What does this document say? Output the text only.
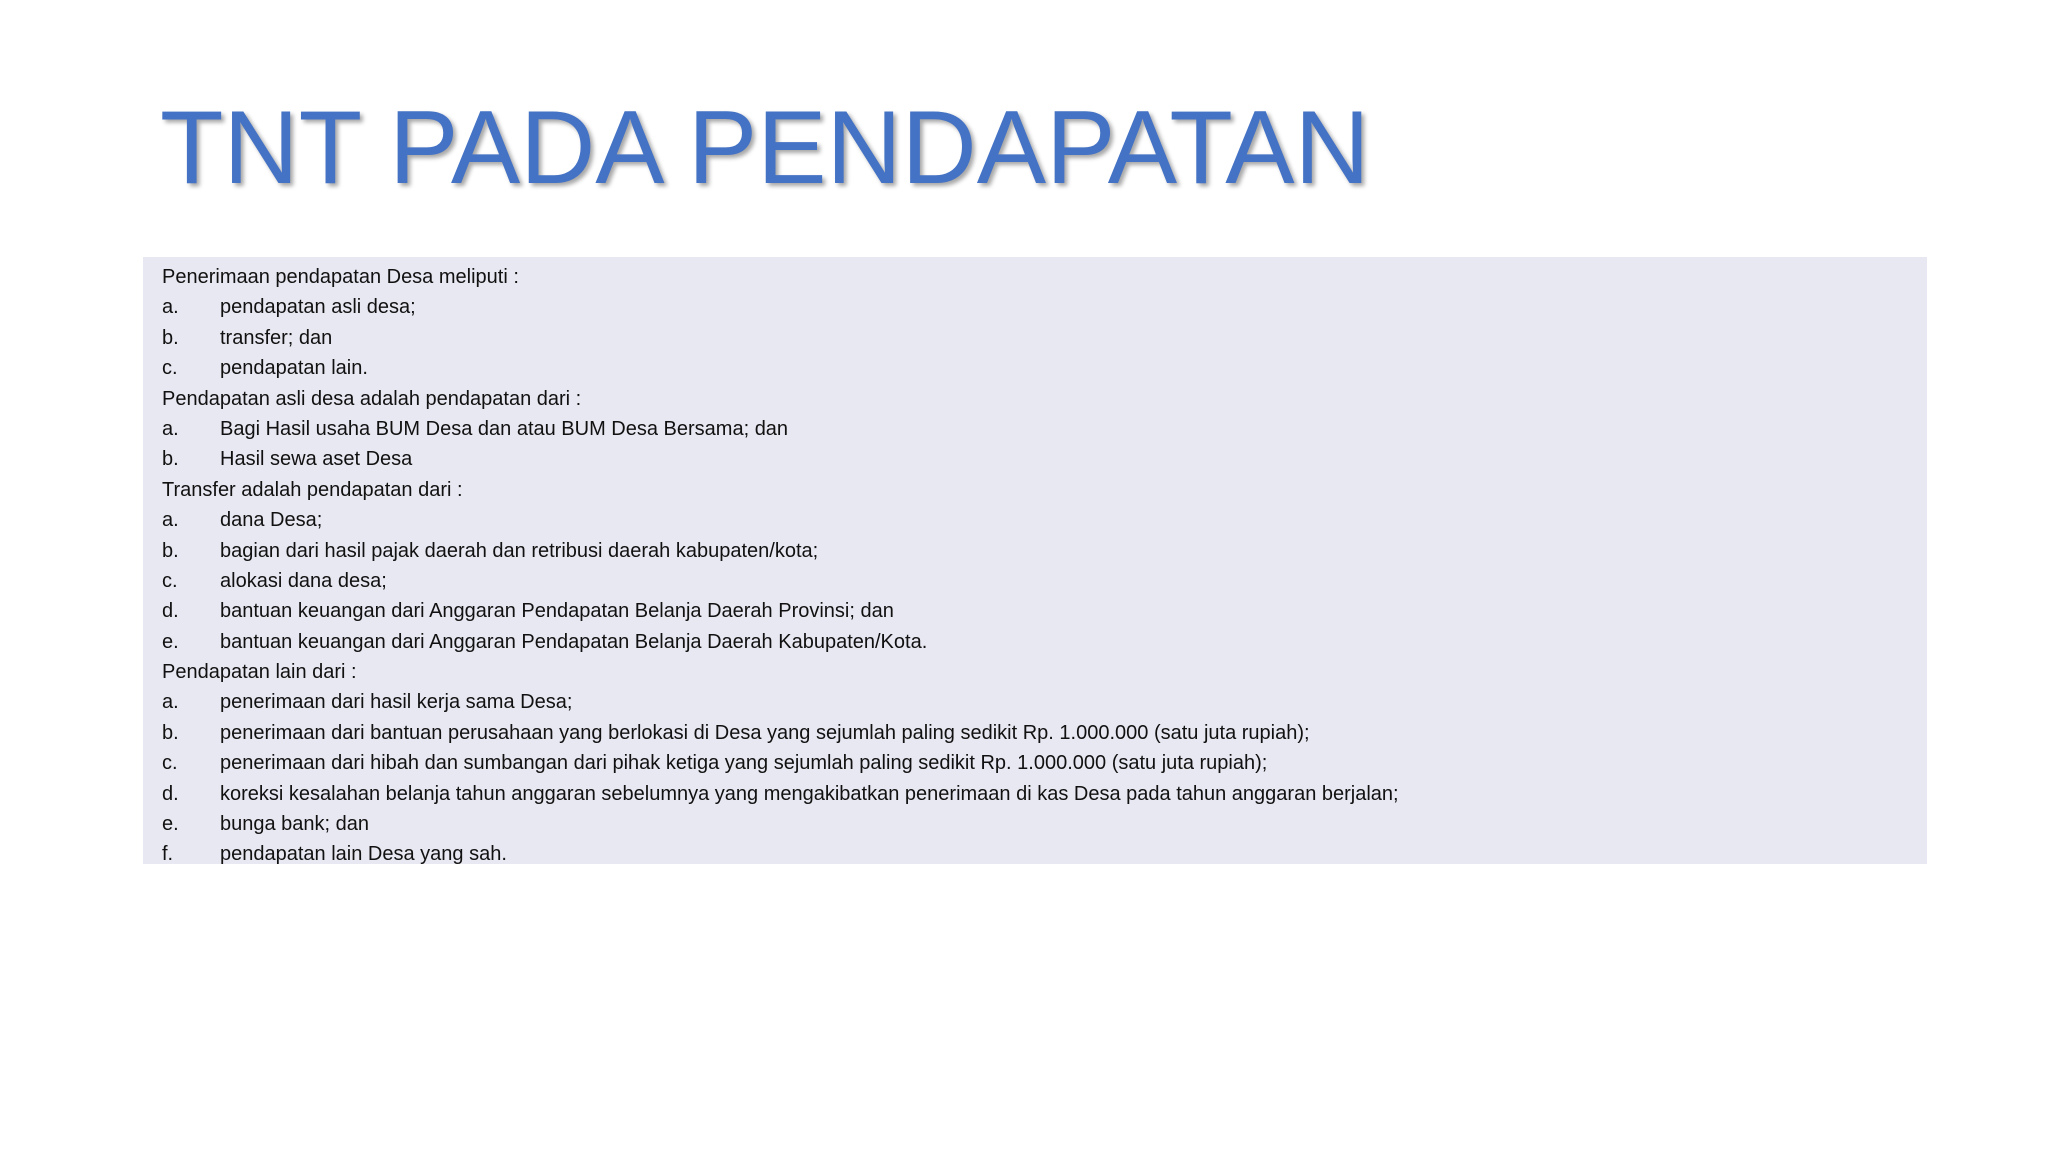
TNT PADA PENDAPATAN
Penerimaan pendapatan Desa meliputi :
a. pendapatan asli desa;
b. transfer; dan
c. pendapatan lain.
Pendapatan asli desa adalah pendapatan dari :
a. Bagi Hasil usaha BUM Desa dan atau BUM Desa Bersama; dan
b. Hasil sewa aset Desa
Transfer adalah pendapatan dari :
a. dana Desa;
b. bagian dari hasil pajak daerah dan retribusi daerah kabupaten/kota;
c. alokasi dana desa;
d. bantuan keuangan dari Anggaran Pendapatan Belanja Daerah Provinsi; dan
e. bantuan keuangan dari Anggaran Pendapatan Belanja Daerah Kabupaten/Kota.
Pendapatan lain dari :
a. penerimaan dari hasil kerja sama Desa;
b. penerimaan dari bantuan perusahaan yang berlokasi di Desa yang sejumlah paling sedikit Rp. 1.000.000 (satu juta rupiah);
c. penerimaan dari hibah dan sumbangan dari pihak ketiga yang sejumlah paling sedikit Rp. 1.000.000 (satu juta rupiah);
d. koreksi kesalahan belanja tahun anggaran sebelumnya yang mengakibatkan penerimaan di kas Desa pada tahun anggaran berjalan;
e. bunga bank; dan
f. pendapatan lain Desa yang sah.
